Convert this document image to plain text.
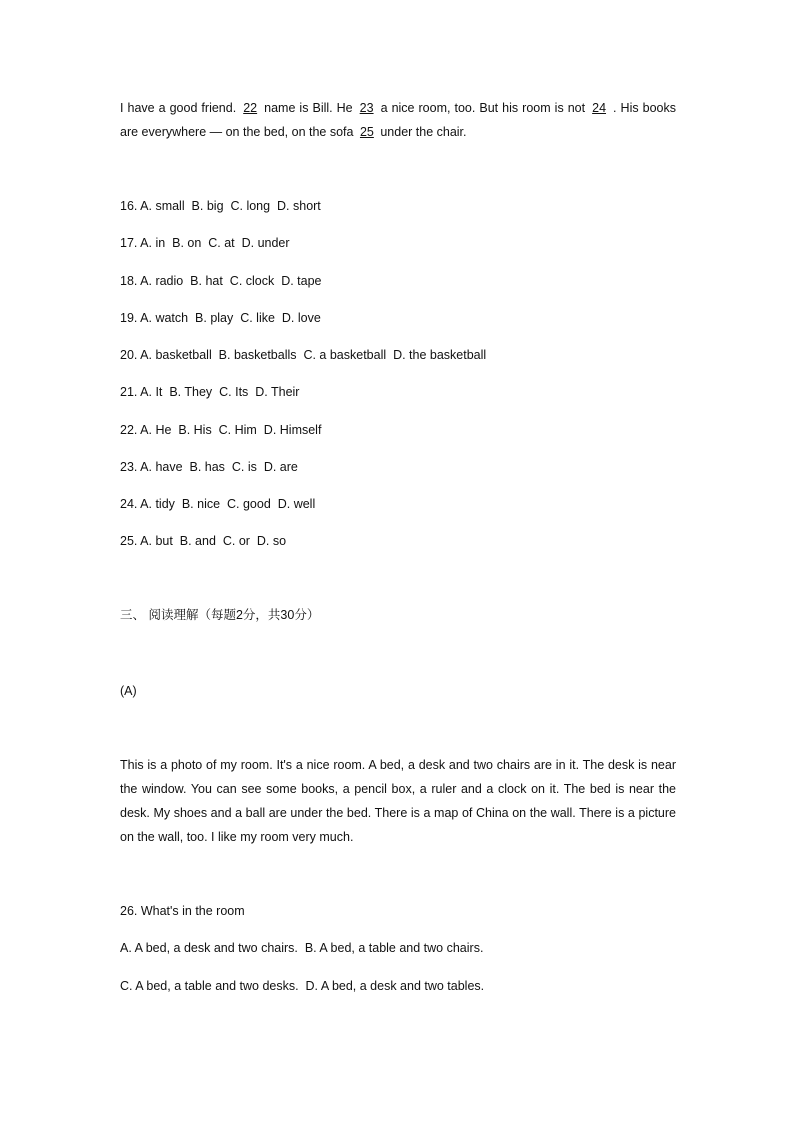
I have a good friend. 22 name is Bill. He 23 a nice room, too. But his room is not 24 . His books are everywhere — on the bed, on the sofa 25 under the chair.

16. A. small  B. big  C. long  D. short
17. A. in  B. on  C. at  D. under
18. A. radio  B. hat  C. clock  D. tape
19. A. watch  B. play  C. like  D. love
20. A. basketball  B. basketballs  C. a basketball  D. the basketball
21. A. It  B. They  C. Its  D. Their
22. A. He  B. His  C. Him  D. Himself
23. A. have  B. has  C. is  D. are
24. A. tidy  B. nice  C. good  D. well
25. A. but  B. and  C. or  D. so
三、 阅读理解（每题2分，共30分）
(A)

This is a photo of my room. It's a nice room. A bed, a desk and two chairs are in it. The desk is near the window. You can see some books, a pencil box, a ruler and a clock on it. The bed is near the desk. My shoes and a ball are under the bed. There is a map of China on the wall. There is a picture on the wall, too. I like my room very much.

26. What's in the room
A. A bed, a desk and two chairs.  B. A bed, a table and two chairs.
C. A bed, a table and two desks.  D. A bed, a desk and two tables.
